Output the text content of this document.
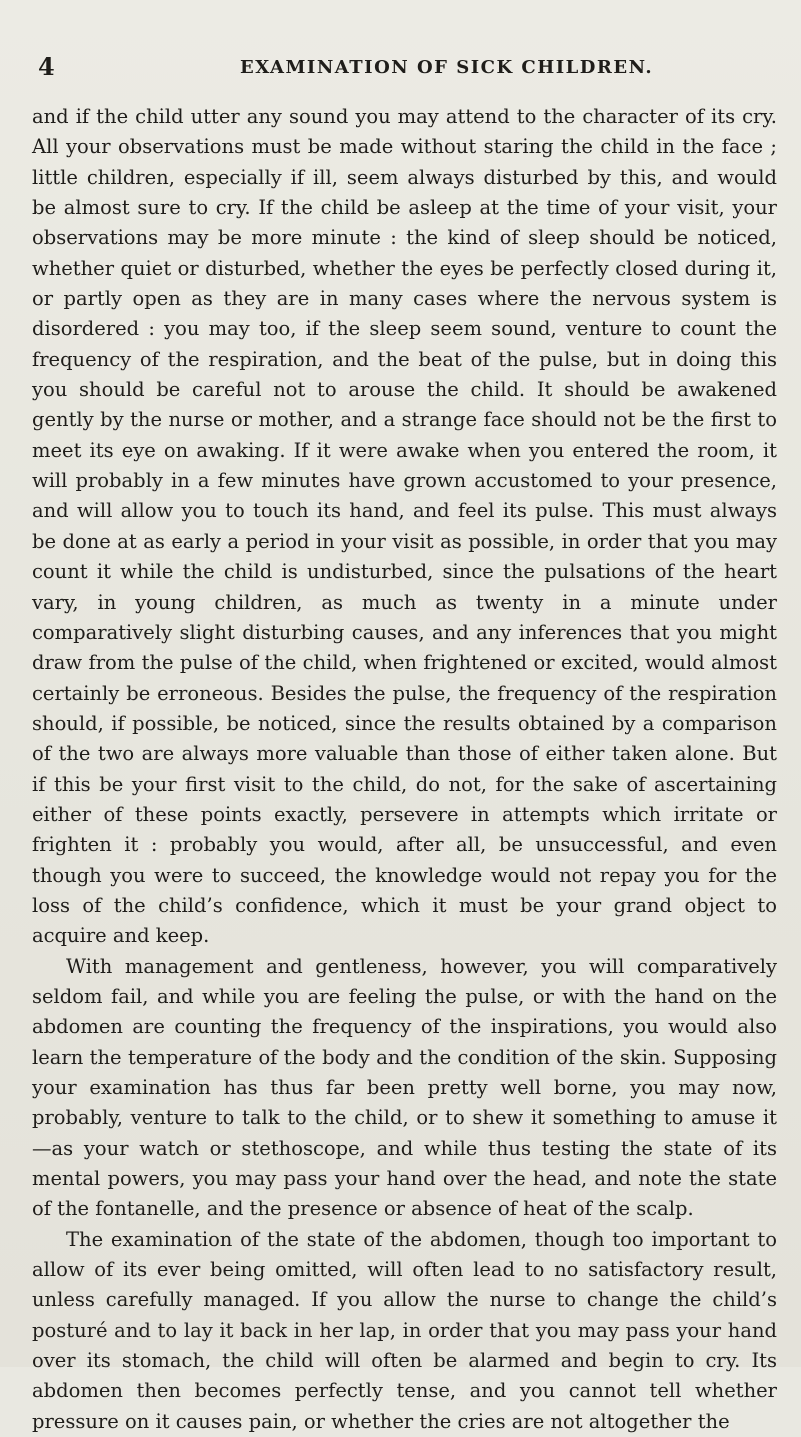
4	EXAMINATION OF SICK CHILDREN.

and if the child utter any sound you may attend to the character of its cry. All your observations must be made without staring the child in the face ; little children, especially if ill, seem always disturbed by this, and would be almost sure to cry. If the child be asleep at the time of your visit, your observations may be more minute : the kind of sleep should be noticed, whether quiet or disturbed, whether the eyes be perfectly closed during it, or partly open as they are in many cases where the nervous system is disordered : you may too, if the sleep seem sound, venture to count the frequency of the respiration, and the beat of the pulse, but in doing this you should be careful not to arouse the child. It should be awakened gently by the nurse or mother, and a strange face should not be the first to meet its eye on awaking. If it were awake when you entered the room, it will probably in a few minutes have grown accustomed to your presence, and will allow you to touch its hand, and feel its pulse. This must always be done at as early a period in your visit as possible, in order that you may count it while the child is undisturbed, since the pulsations of the heart vary, in young children, as much as twenty in a minute under comparatively slight disturbing causes, and any inferences that you might draw from the pulse of the child, when frightened or excited, would almost certainly be erroneous. Besides the pulse, the frequency of the respiration should, if possible, be noticed, since the results obtained by a comparison of the two are always more valuable than those of either taken alone. But if this be your first visit to the child, do not, for the sake of ascertaining either of these points exactly, persevere in attempts which irritate or frighten it : probably you would, after all, be unsuccessful, and even though you were to succeed, the knowledge would not repay you for the loss of the child’s confidence, which it must be your grand object to acquire and keep.

With management and gentleness, however, you will comparatively seldom fail, and while you are feeling the pulse, or with the hand on the abdomen are counting the frequency of the inspirations, you would also learn the temperature of the body and the condition of the skin. Supposing your examination has thus far been pretty well borne, you may now, probably, venture to talk to the child, or to shew it something to amuse it —as your watch or stethoscope, and while thus testing the state of its mental powers, you may pass your hand over the head, and note the state of the fontanelle, and the presence or absence of heat of the scalp.

The examination of the state of the abdomen, though too important to allow of its ever being omitted, will often lead to no satisfactory result, unless carefully managed. If you allow the nurse to change the child’s posturé and to lay it back in her lap, in order that you may pass your hand over its stomach, the child will often be alarmed and begin to cry. Its abdomen then becomes perfectly tense, and you cannot tell whether pressure on it causes pain, or whether the cries are not altogether the
